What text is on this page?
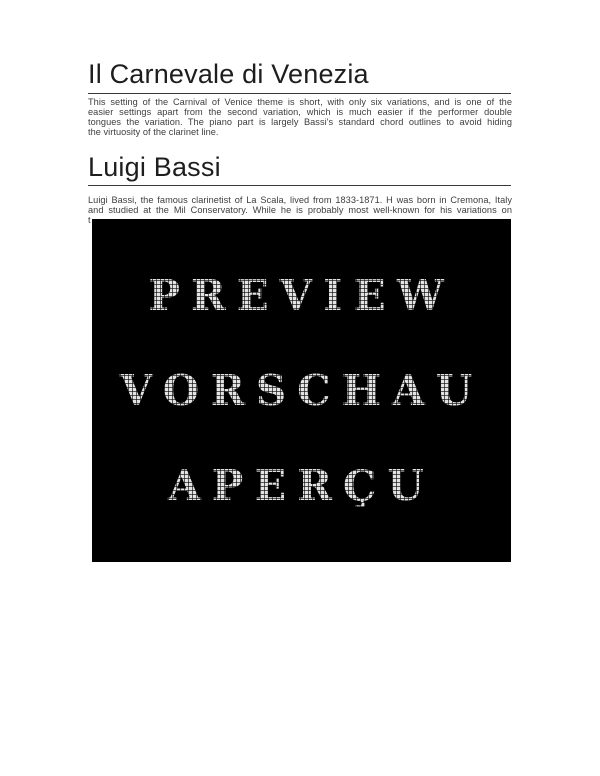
Il Carnevale di Venezia
This setting of the Carnival of Venice theme is short, with only six variations, and is one of the
easier settings apart from the second variation, which is much easier if the performer double
tongues the variation. The piano part is largely Bassi's standard chord outlines to avoid hiding
the virtuosity of the clarinet line.
Luigi Bassi
Luigi Bassi, the famous clarinetist of La Scala, lived from 1833-1871. H was born in Cremona, Italy
and studied at the Mil Conservatory. While he is probably most well-known for his variations on
t
PREVIEW
VORSCHAU
APERÇU
